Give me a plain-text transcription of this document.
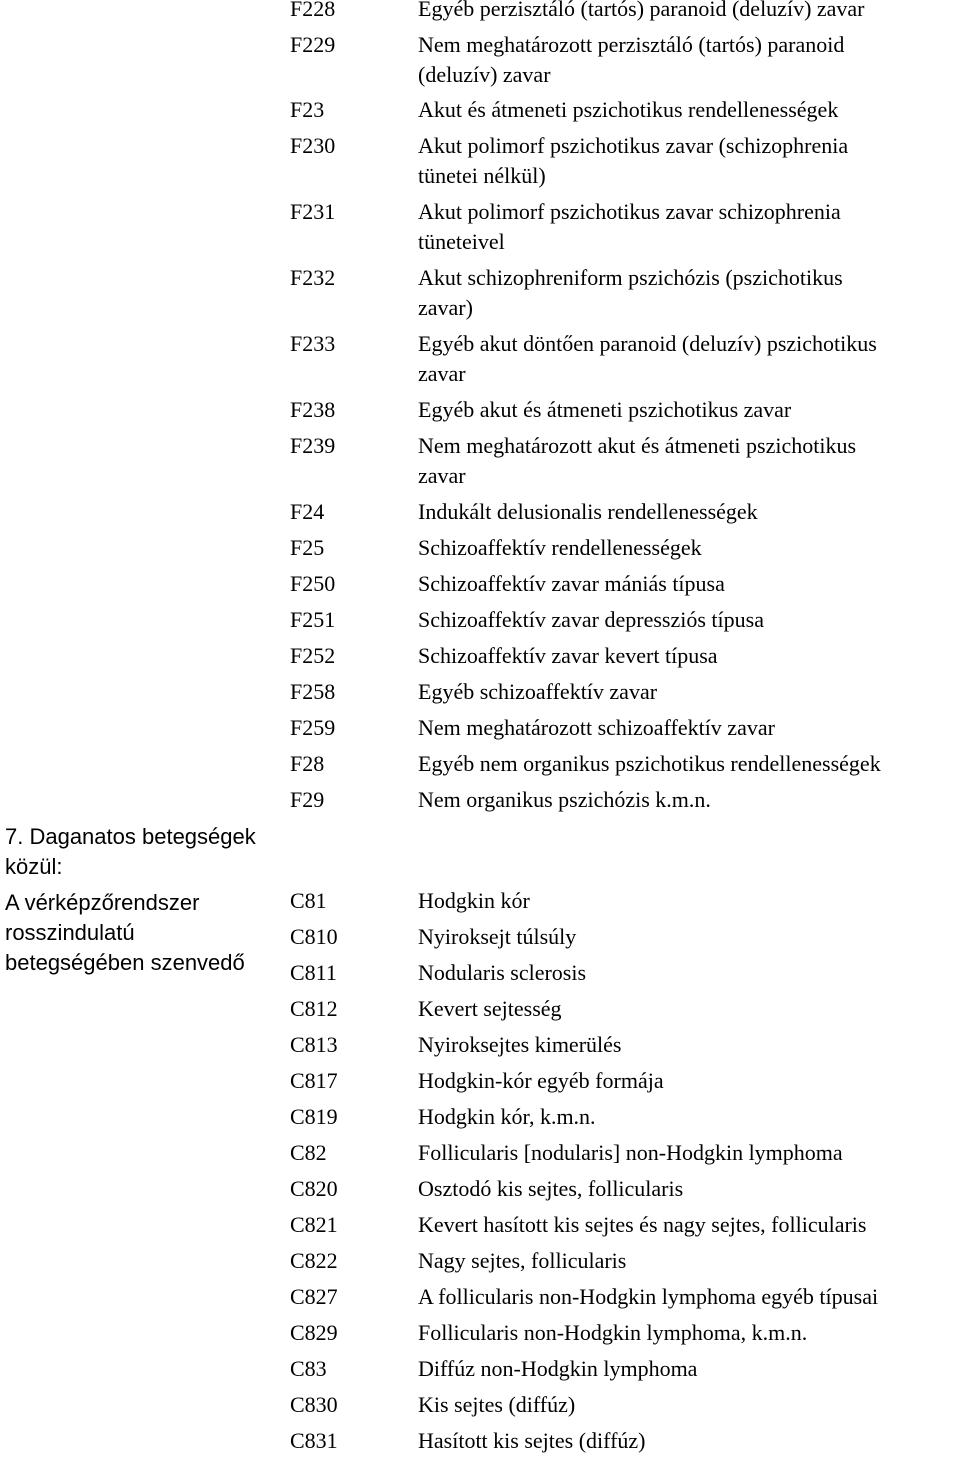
7. Daganatos betegségek közül:
A vérképzőrendszer
rosszindulatú
betegségében szenvedő
F228	Egyéb perzisztáló (tartós) paranoid (deluzív) zavar
F229	Nem meghatározott perzisztáló (tartós) paranoid
(deluzív) zavar
F23	Akut és átmeneti pszichotikus rendellenességek
F230	Akut polimorf pszichotikus zavar (schizophrenia
tünetei nélkül)
F231	Akut polimorf pszichotikus zavar schizophrenia
tüneteivel
F232	Akut schizophreniform pszichózis (pszichotikus
zavar)
F233	Egyéb akut döntően paranoid (deluzív) pszichotikus
zavar
F238	Egyéb akut és átmeneti pszichotikus zavar
F239	Nem meghatározott akut és átmeneti pszichotikus
zavar
F24	Indukált delusionalis rendellenességek
F25	Schizoaffektív rendellenességek
F250	Schizoaffektív zavar mániás típusa
F251	Schizoaffektív zavar depressziós típusa
F252	Schizoaffektív zavar kevert típusa
F258	Egyéb schizoaffektív zavar
F259	Nem meghatározott schizoaffektív zavar
F28	Egyéb nem organikus pszichotikus rendellenességek
F29	Nem organikus pszichózis k.m.n.
C81	Hodgkin kór
C810	Nyiroksejt túlsúly
C811	Nodularis sclerosis
C812	Kevert sejtesség
C813	Nyiroksejtes kimerülés
C817	Hodgkin-kór egyéb formája
C819	Hodgkin kór, k.m.n.
C82	Follicularis [nodularis] non-Hodgkin lymphoma
C820	Osztodó kis sejtes, follicularis
C821	Kevert hasított kis sejtes és nagy sejtes, follicularis
C822	Nagy sejtes, follicularis
C827	A follicularis non-Hodgkin lymphoma egyéb típusai
C829	Follicularis non-Hodgkin lymphoma, k.m.n.
C83	Diffúz non-Hodgkin lymphoma
C830	Kis sejtes (diffúz)
C831	Hasított kis sejtes (diffúz)
